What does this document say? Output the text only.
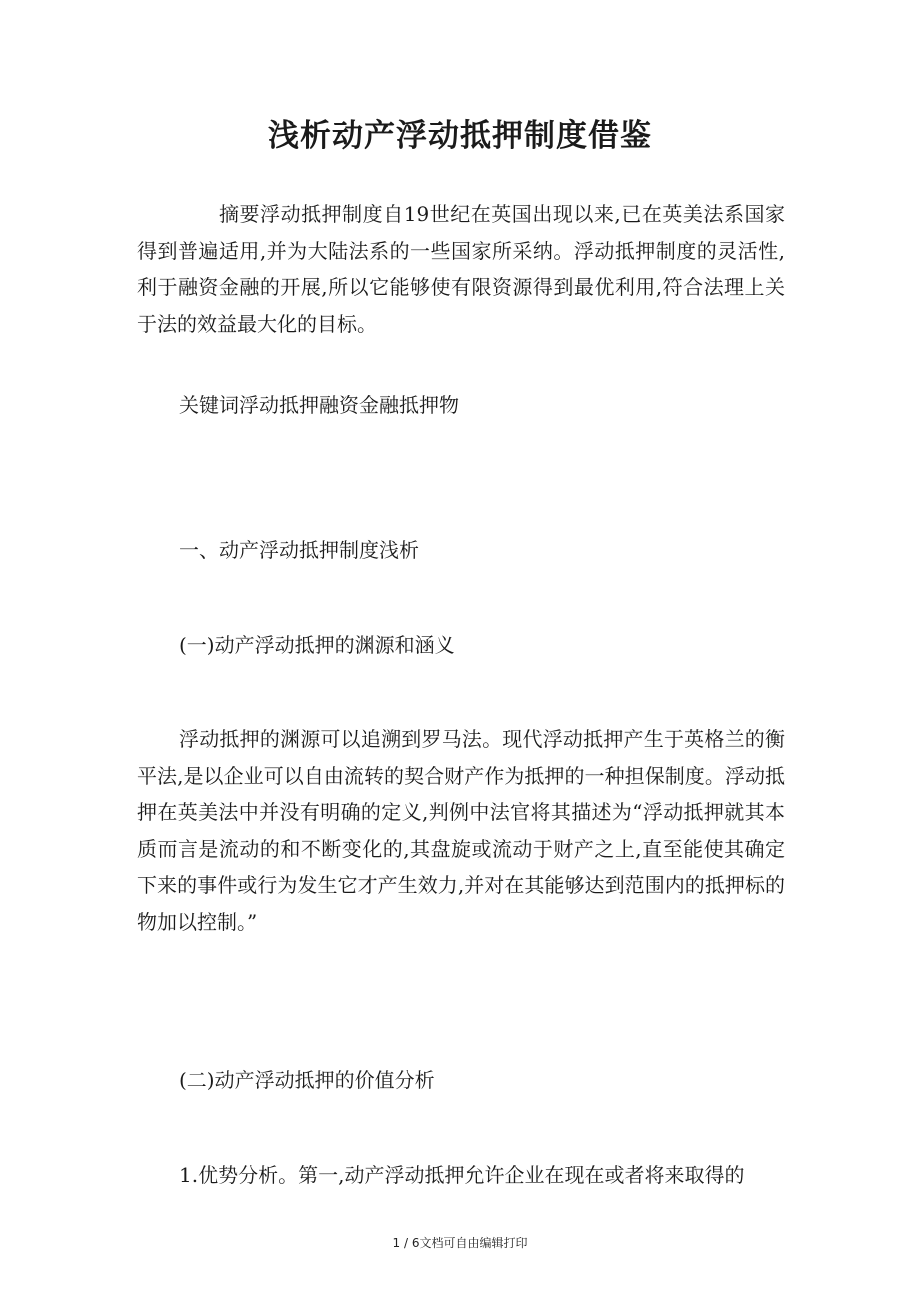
浅析动产浮动抵押制度借鉴

摘要浮动抵押制度自19世纪在英国出现以来,已在英美法系国家得到普遍适用,并为大陆法系的一些国家所采纳。浮动抵押制度的灵活性,利于融资金融的开展,所以它能够使有限资源得到最优利用,符合法理上关于法的效益最大化的目标。

关键词浮动抵押融资金融抵押物

一、动产浮动抵押制度浅析

(一)动产浮动抵押的渊源和涵义

浮动抵押的渊源可以追溯到罗马法。现代浮动抵押产生于英格兰的衡平法,是以企业可以自由流转的契合财产作为抵押的一种担保制度。浮动抵押在英美法中并没有明确的定义,判例中法官将其描述为“浮动抵押就其本质而言是流动的和不断变化的,其盘旋或流动于财产之上,直至能使其确定下来的事件或行为发生它才产生效力,并对在其能够达到范围内的抵押标的物加以控制。”

(二)动产浮动抵押的价值分析

1.优势分析。第一,动产浮动抵押允许企业在现在或者将来取得的

1 / 6文档可自由编辑打印
